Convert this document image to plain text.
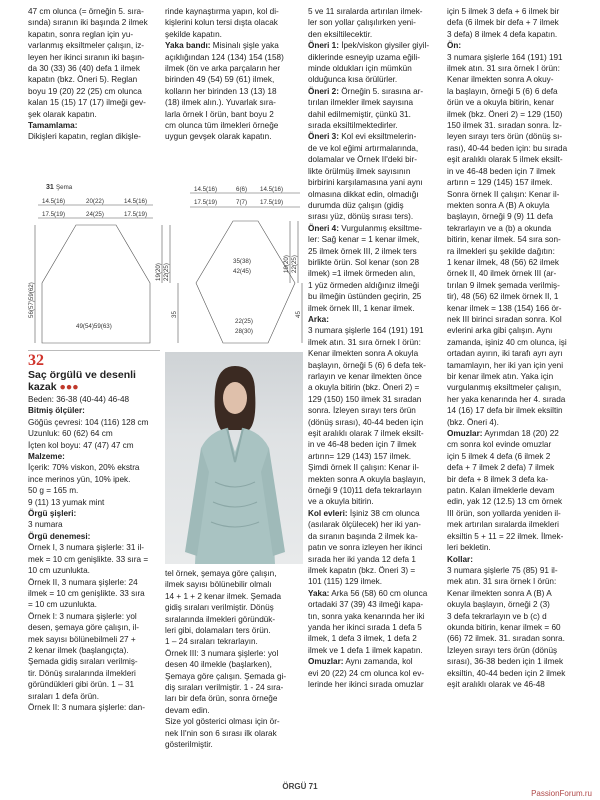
47 cm olunca (= örneğin 5. sıra-

sında) sıranın iki başında 2 ilmek

kapatın, sonra reglan için yu-

varlanmış eksiltmeler çalışın, iz-

leyen her ikinci sıranın iki başın-

da 30 (33) 36 (40) defa 1 ilmek

kapatın (bkz. Öneri 5). Reglan

boyu 19 (20) 22 (25) cm olunca

kalan 15 (15) 17 (17) ilmeği gev-

şek olarak kapatın.

Tamamlama:

Dikişleri kapatın, reglan dikişle-

rinde kaynaştırma yapın, kol di-

kişlerini kolun tersi dışta olacak

şekilde kapatın.

Yaka bandı: Misinalı şişle yaka

açıklığından 124 (134) 154 (158)

ilmek (ön ve arka parçaların her

birinden 49 (54) 59 (61) ilmek,

kolların her birinden 13 (13) 18

(18) ilmek alın.). Yuvarlak sıra-

larla örnek I örün, bant boyu 2

cm olunca tüm ilmekleri örneğe

uygun gevşek olarak kapatın.

31 Şema
14.5(16)	20(22)	14.5(16)
17.5(19)	24(25)	17.5(19)
56(57)59(62)
19(20) 22(25)
35
49(54)59(63)
14.5(16)	6(6) 14.5(16)
17.5(19)	7(7) 17.5(19)
35(38)
42(45)	19(20) 22(25)
45
22(25)
28(30)
32
Saç örgülü ve desenli kazak ●●●

Beden: 36-38 (40-44) 46-48

Bitmiş ölçüler:

Göğüs çevresi: 104 (116) 128 cm

Uzunluk: 60 (62) 64 cm

İçten kol boyu: 47 (47) 47 cm

Malzeme:

İçerik: 70% viskon, 20% ekstra

ince merinos yün, 10% ipek.

50 g = 165 m.

9 (11) 13 yumak mint

Örgü şişleri:

3 numara

Örgü denemesi:

Örnek I, 3 numara şişlerle: 31 il-

mek = 10 cm genişlikte. 33 sıra =

10 cm uzunlukta.

Örnek II, 3 numara şişlerle: 24

ilmek = 10 cm genişlikte. 33 sıra

= 10 cm uzunlukta.

Örnek I: 3 numara şişlerle: yol

desen, şemaya göre çalışın, il-

mek sayısı bölünebilmeli 27 +

2 kenar ilmek (başlangıçta).

Şemada gidiş sıraları verilmiş-

tir. Dönüş sıralarında ilmekleri

göründükleri gibi örün. 1 – 31

sıraları 1 defa örün.

Örnek II: 3 numara şişlerle: dan-

tel örnek, şemaya göre çalışın,

ilmek sayısı bölünebilir olmalı

14 + 1 + 2 kenar ilmek. Şemada

gidiş sıraları verilmiştir. Dönüş

sıralarında ilmekleri göründük-

leri gibi, dolamaları ters örün.

1 – 24 sıraları tekrarlayın.

Örnek III: 3 numara şişlerle: yol

desen 40 ilmekle (başlarken),

Şemaya göre çalışın. Şemada gi-

diş sıraları verilmiştir. 1 - 24 sıra-

ları bir defa örün, sonra örneğe

devam edin.

Size yol gösterici olması için ör-

nek II'nin son 6 sırası ilk olarak

gösterilmiştir.

5 ve 11 sıralarda artırılan ilmek-

ler son yollar çalışılırken yeni-

den eksiltilecektir.

Öneri 1: İpek/viskon giysiler giyil-

diklerinde esneyip uzama eğili-

minde oldukları için mümkün

olduğunca kısa örülürler.

Öneri 2: Örneğin 5. sırasına ar-

tırılan ilmekler ilmek sayısına

dahil edilmemiştir, çünkü 31.

sırada eksiltilmektedirler.

Öneri 3: Kol evi eksiltmelerin-

de ve kol eğimi artırmalarında,

dolamalar ve Örnek II'deki bir-

likte örülmüş ilmek sayısının

birbirini karşılamasına yani aynı

olmasına dikkat edin, olmadığı

durumda düz çalışın (gidiş

sırası yüz, dönüş sırası ters).

Öneri 4: Vurgulanmış eksiltme-

ler: Sağ kenar = 1 kenar ilmek,

25 ilmek örnek III, 2 ilmek ters

birlikte örün. Sol kenar (son 28

ilmek) =1 ilmek örmeden alın,

1 yüz örmeden aldığınız ilmeği

bu ilmeğin üstünden geçirin, 25

ilmek örnek III, 1 kenar ilmek.

Arka:

3 numara şişlerle 164 (191) 191

ilmek atın. 31 sıra örnek I örün:

Kenar ilmekten sonra A okuyla

başlayın, örneği 5 (6) 6 defa tek-

rarlayın ve kenar ilmekten önce

a okuyla bitirin (bkz. Öneri 2) =

129 (150) 150 ilmek 31 sıradan

sonra. İzleyen sırayı ters örün

(dönüş sırası), 40-44 beden için

eşit aralıklı olarak 7 ilmek eksilt-

in ve 46-48 beden için 7 ilmek

artırın= 129 (143) 157 ilmek.

Şimdi örnek II çalışın: Kenar il-

mekten sonra A okuyla başlayın,

örneği 9 (10)11 defa tekrarlayın

ve a okuyla bitirin.

Kol evleri: İşiniz 38 cm olunca

(asılarak ölçülecek) her iki yan-

da sıranın başında 2 ilmek ka-

patın ve sonra izleyen her ikinci

sırada her iki yanda 12 defa 1

ilmek kapatın (bkz. Öneri 3) =

101 (115) 129 ilmek.

Yaka: Arka 56 (58) 60 cm olunca

ortadaki 37 (39) 43 ilmeği kapa-

tın, sonra yaka kenarında her iki

yanda her ikinci sırada 1 defa 5

ilmek, 1 defa 3 ilmek, 1 defa 2

ilmek ve 1 defa 1 ilmek kapatın.

Omuzlar: Aynı zamanda, kol

evi 20 (22) 24 cm olunca kol ev-

lerinde her ikinci sırada omuzlar

için 5 ilmek 3 defa + 6 ilmek bir

defa (6 ilmek bir defa + 7 ilmek

3 defa) 8 ilmek 4 defa kapatın.

Ön:

3 numara şişlerle 164 (191) 191

ilmek atın. 31 sıra örnek I örün:

Kenar ilmekten sonra A okuy-

la başlayın, örneği 5 (6) 6 defa

örün ve a okuyla bitirin, kenar

ilmek (bkz. Öneri 2) = 129 (150)

150 ilmek 31. sıradan sonra. İz-

leyen sırayı ters örün (dönüş sı-

rası), 40-44 beden için: bu sırada

eşit aralıklı olarak 5 ilmek eksilt-

in ve 46-48 beden için 7 ilmek

artırın = 129 (145) 157 ilmek.

Sonra örnek II çalışın: Kenar il-

mekten sonra A (B) A okuyla

başlayın, örneği 9 (9) 11 defa

tekrarlayın ve a (b) a okunda

bitirin, kenar ilmek. 54 sıra son-

ra ilmekleri şu şekilde dağıtın:

1 kenar ilmek, 48 (56) 62 ilmek

örnek II, 40 ilmek örnek III (ar-

tırılan 9 ilmek şemada verilmiş-

tir), 48 (56) 62 ilmek örnek II, 1

kenar ilmek = 138 (154) 166 ör-

nek III birinci sıradan sonra. Kol

evlerini arka gibi çalışın. Aynı

zamanda, işiniz 40 cm olunca, işi

ortadan ayırın, iki tarafı ayrı ayrı

tamamlayın, her iki yan için yeni

bir kenar ilmek atın. Yaka için

vurgulanmış eksiltmeler çalışın,

her yaka kenarında her 4. sırada

14 (16) 17 defa bir ilmek eksiltin

(bkz. Öneri 4).

Omuzlar: Ayrımdan 18 (20) 22

cm sonra kol evinde omuzlar

için 5 ilmek 4 defa (6 ilmek 2

defa + 7 ilmek 2 defa) 7 ilmek

bir defa + 8 ilmek 3 defa ka-

patın. Kalan ilmeklerle devam

edin, yak 12 (12.5) 13 cm örnek

III örün, son yollarda yeniden il-

mek artırılan sıralarda ilmekleri

eksiltin 5 + 11 = 22 ilmek. İlmek-

leri bekletin.

Kollar:

3 numara şişlerle 75 (85) 91 il-

mek atın. 31 sıra örnek I örün:

Kenar ilmekten sonra A (B) A

okuyla başlayın, örneği 2 (3)

3 defa tekrarlayın ve b (c) d

okunda bitirin, kenar ilmek = 60

(66) 72 ilmek. 31. sıradan sonra.

İzleyen sırayı ters örün (dönüş

sırası), 36-38 beden için 1 ilmek

eksiltin, 40-44 beden için 2 ilmek

eşit aralıklı olarak ve 46-48

ÖRGÜ 71
PassionForum.ru
